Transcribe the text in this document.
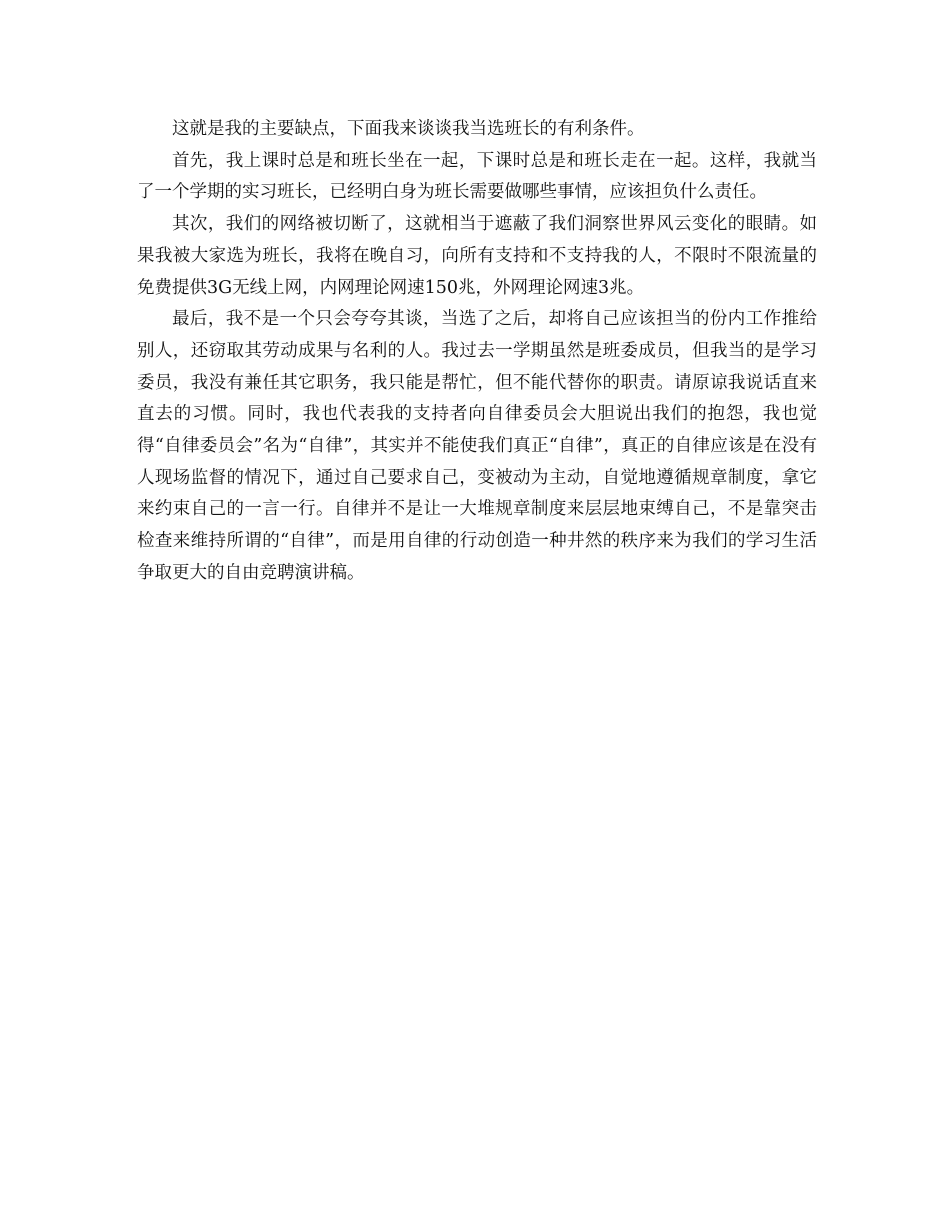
这就是我的主要缺点，下面我来谈谈我当选班长的有利条件。

首先，我上课时总是和班长坐在一起，下课时总是和班长走在一起。这样，我就当了一个学期的实习班长，已经明白身为班长需要做哪些事情，应该担负什么责任。

其次，我们的网络被切断了，这就相当于遮蔽了我们洞察世界风云变化的眼睛。如果我被大家选为班长，我将在晚自习，向所有支持和不支持我的人，不限时不限流量的免费提供3G无线上网，内网理论网速150兆，外网理论网速3兆。

最后，我不是一个只会夸夸其谈，当选了之后，却将自己应该担当的份内工作推给别人，还窃取其劳动成果与名利的人。我过去一学期虽然是班委成员，但我当的是学习委员，我没有兼任其它职务，我只能是帮忙，但不能代替你的职责。请原谅我说话直来直去的习惯。同时，我也代表我的支持者向自律委员会大胆说出我们的抱怨，我也觉得“自律委员会”名为“自律”，其实并不能使我们真正“自律”，真正的自律应该是在没有人现场监督的情况下，通过自己要求自己，变被动为主动，自觉地遵循规章制度，拿它来约束自己的一言一行。自律并不是让一大堆规章制度来层层地束缚自己，不是靠突击检查来维持所谓的“自律”，而是用自律的行动创造一种井然的秩序来为我们的学习生活争取更大的自由竞聘演讲稿。
